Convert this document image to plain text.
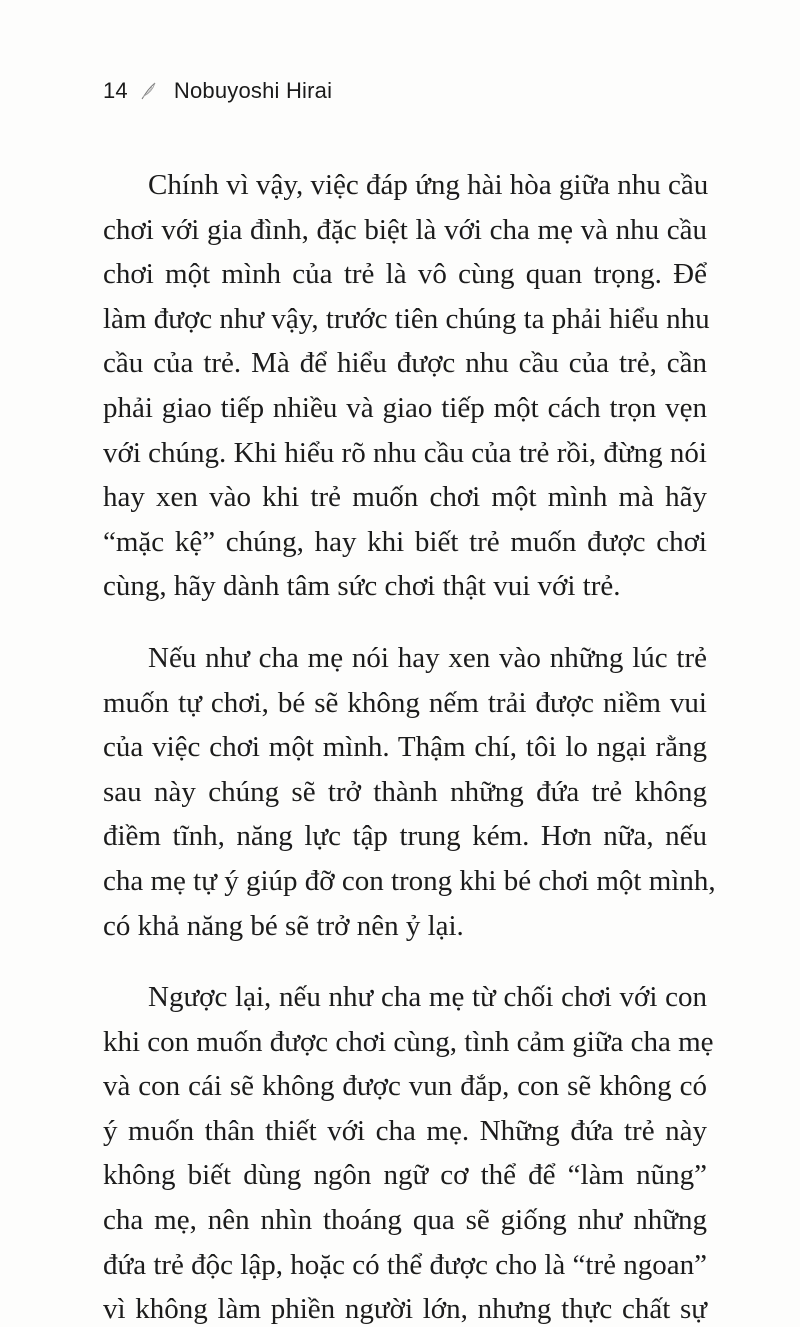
14 Nobuyoshi Hirai
Chính vì vậy, việc đáp ứng hài hòa giữa nhu cầu
chơi với gia đình, đặc biệt là với cha mẹ và nhu cầu
chơi một mình của trẻ là vô cùng quan trọng. Để
làm được như vậy, trước tiên chúng ta phải hiểu nhu
cầu của trẻ. Mà để hiểu được nhu cầu của trẻ, cần
phải giao tiếp nhiều và giao tiếp một cách trọn vẹn
với chúng. Khi hiểu rõ nhu cầu của trẻ rồi, đừng nói
hay xen vào khi trẻ muốn chơi một mình mà hãy
“mặc kệ” chúng, hay khi biết trẻ muốn được chơi
cùng, hãy dành tâm sức chơi thật vui với trẻ.
Nếu như cha mẹ nói hay xen vào những lúc trẻ
muốn tự chơi, bé sẽ không nếm trải được niềm vui
của việc chơi một mình. Thậm chí, tôi lo ngại rằng
sau này chúng sẽ trở thành những đứa trẻ không
điềm tĩnh, năng lực tập trung kém. Hơn nữa, nếu
cha mẹ tự ý giúp đỡ con trong khi bé chơi một mình,
có khả năng bé sẽ trở nên ỷ lại.
Ngược lại, nếu như cha mẹ từ chối chơi với con
khi con muốn được chơi cùng, tình cảm giữa cha mẹ
và con cái sẽ không được vun đắp, con sẽ không có
ý muốn thân thiết với cha mẹ. Những đứa trẻ này
không biết dùng ngôn ngữ cơ thể để “làm nũng”
cha mẹ, nên nhìn thoáng qua sẽ giống như những
đứa trẻ độc lập, hoặc có thể được cho là “trẻ ngoan”
vì không làm phiền người lớn, nhưng thực chất sự
